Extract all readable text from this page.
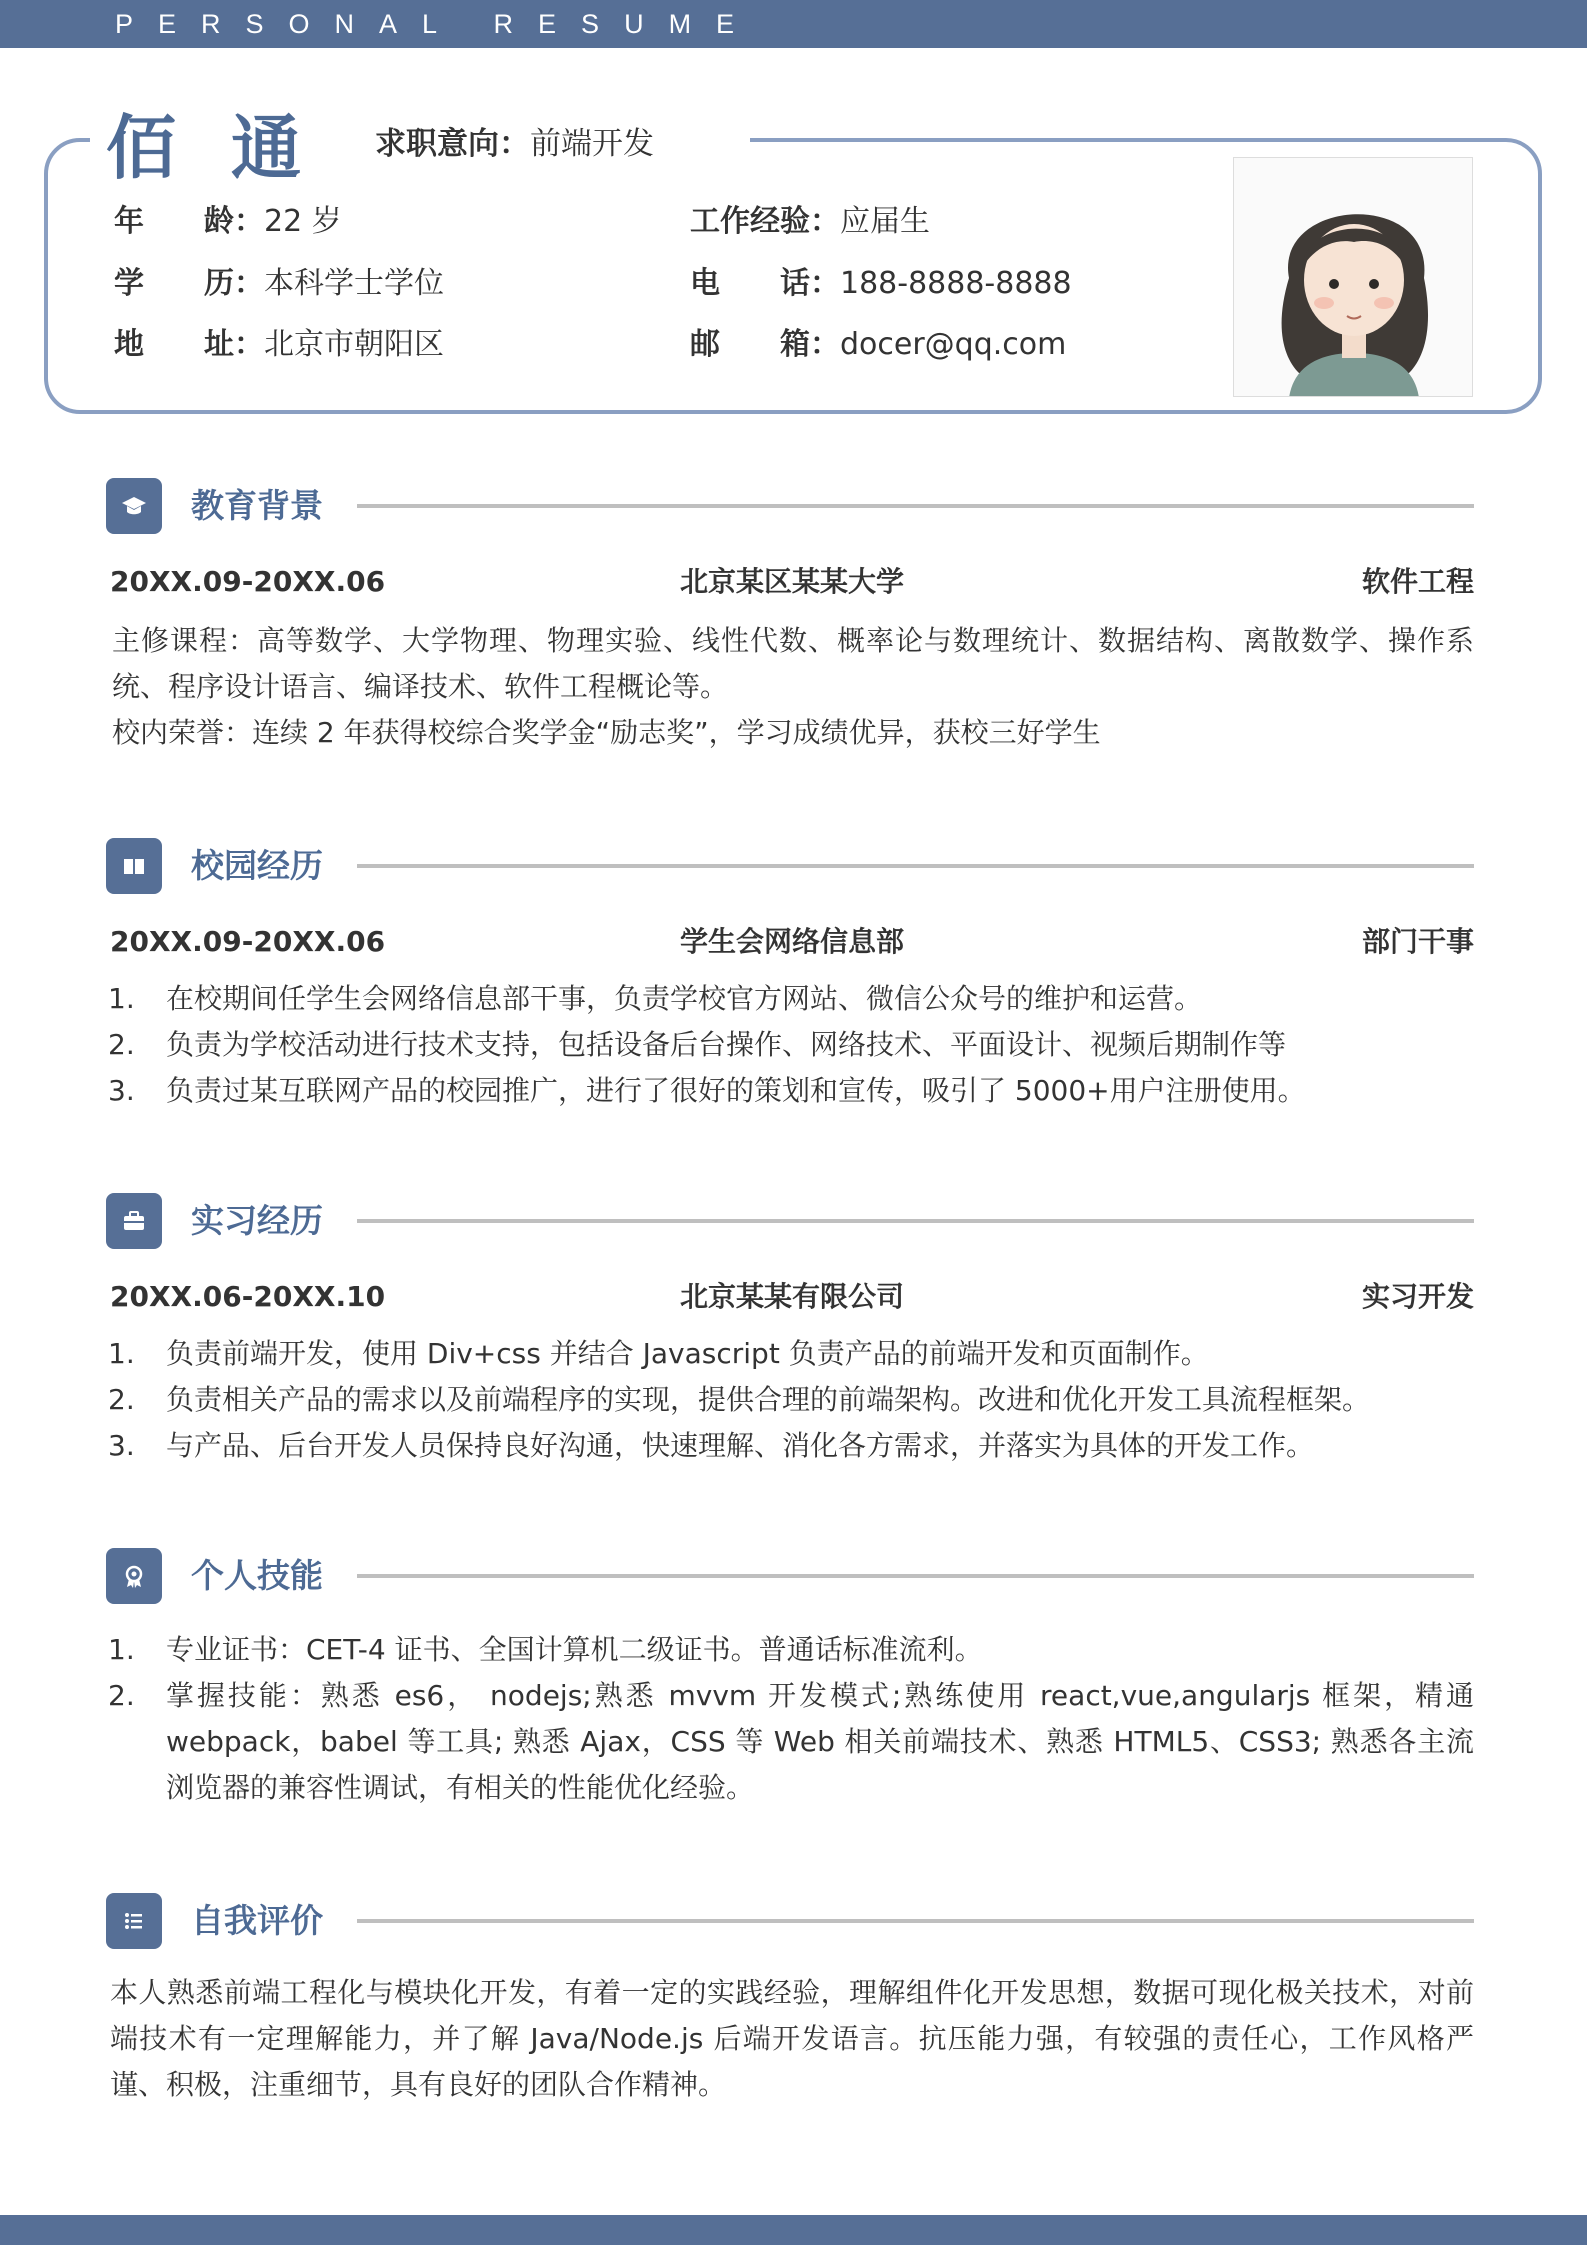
PERSONAL RESUME
佰通 求职意向：前端开发
年　　龄：22 岁	工作经验：应届生
学　　历：本科学士学位	电　　话：188-8888-8888
地　　址：北京市朝阳区	邮　　箱：docer@qq.com
教育背景
20XX.09-20XX.06	北京某区某某大学	软件工程
主修课程：高等数学、大学物理、物理实验、线性代数、概率论与数理统计、数据结构、离散数学、操作系统、程序设计语言、编译技术、软件工程概论等。
校内荣誉：连续 2 年获得校综合奖学金“励志奖”，学习成绩优异，获校三好学生
校园经历
20XX.09-20XX.06	学生会网络信息部	部门干事
1. 在校期间任学生会网络信息部干事，负责学校官方网站、微信公众号的维护和运营。
2. 负责为学校活动进行技术支持，包括设备后台操作、网络技术、平面设计、视频后期制作等
3. 负责过某互联网产品的校园推广，进行了很好的策划和宣传，吸引了 5000+用户注册使用。
实习经历
20XX.06-20XX.10	北京某某有限公司	实习开发
1. 负责前端开发，使用 Div+css 并结合 Javascript 负责产品的前端开发和页面制作。
2. 负责相关产品的需求以及前端程序的实现，提供合理的前端架构。改进和优化开发工具流程框架。
3. 与产品、后台开发人员保持良好沟通，快速理解、消化各方需求，并落实为具体的开发工作。
个人技能
1. 专业证书：CET-4 证书、全国计算机二级证书。普通话标准流利。
2. 掌握技能：熟悉 es6， nodejs;熟悉 mvvm 开发模式;熟练使用 react,vue,angularjs 框架，精通 webpack，babel 等工具; 熟悉 Ajax，CSS 等 Web 相关前端技术、熟悉 HTML5、CSS3; 熟悉各主流浏览器的兼容性调试，有相关的性能优化经验。
自我评价
本人熟悉前端工程化与模块化开发，有着一定的实践经验，理解组件化开发思想，数据可现化极关技术，对前端技术有一定理解能力，并了解 Java/Node.js 后端开发语言。抗压能力强，有较强的责任心，工作风格严谨、积极，注重细节，具有良好的团队合作精神。
